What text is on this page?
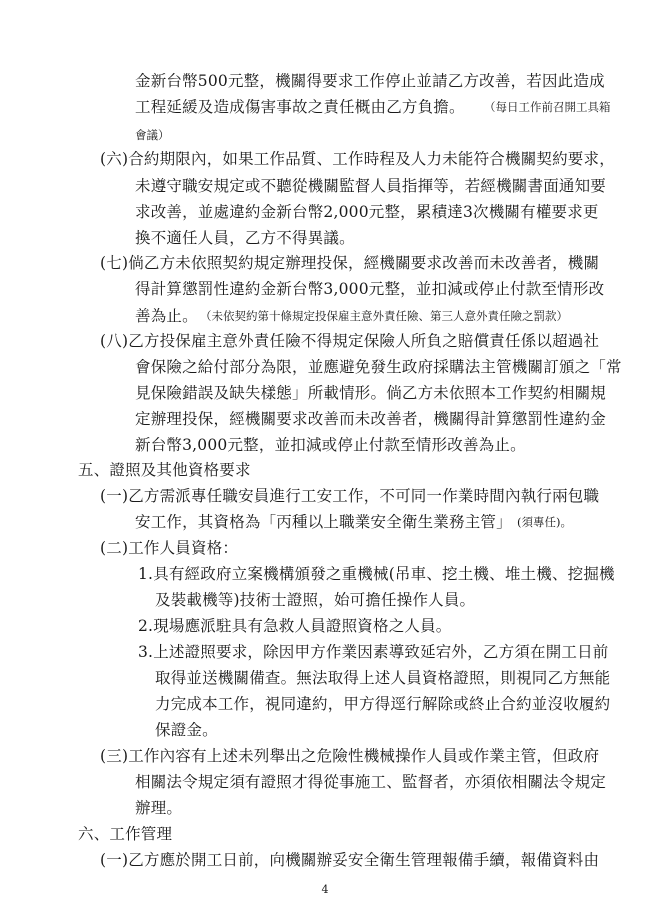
金新台幣500元整，機關得要求工作停止並請乙方改善，若因此造成
工程延緩及造成傷害事故之責任概由乙方負擔。 （每日工作前召開工具箱
會議）
(六)合約期限內，如果工作品質、工作時程及人力未能符合機關契約要求，
未遵守職安規定或不聽從機關監督人員指揮等，若經機關書面通知要
求改善，並處違約金新台幣2,000元整，累積達3次機關有權要求更
換不適任人員，乙方不得異議。
(七)倘乙方未依照契約規定辦理投保，經機關要求改善而未改善者，機關
得計算懲罰性違約金新台幣3,000元整，並扣減或停止付款至情形改
善為止。 （未依契約第十條規定投保雇主意外責任險、第三人意外責任險之罰款）
(八)乙方投保雇主意外責任險不得規定保險人所負之賠償責任係以超過社
會保險之給付部分為限，並應避免發生政府採購法主管機關訂頒之「常
見保險錯誤及缺失樣態」所載情形。倘乙方未依照本工作契約相關規
定辦理投保，經機關要求改善而未改善者，機關得計算懲罰性違約金
新台幣3,000元整，並扣減或停止付款至情形改善為止。
五、證照及其他資格要求
(一)乙方需派專任職安員進行工安工作，不可同一作業時間內執行兩包職
安工作，其資格為「丙種以上職業安全衛生業務主管」 (須專任)。
(二)工作人員資格：
1.具有經政府立案機構頒發之重機械(吊車、挖土機、堆土機、挖掘機
及裝載機等)技術士證照，始可擔任操作人員。
2.現場應派駐具有急救人員證照資格之人員。
3.上述證照要求，除因甲方作業因素導致延宕外，乙方須在開工日前
取得並送機關備查。無法取得上述人員資格證照，則視同乙方無能
力完成本工作，視同違約，甲方得逕行解除或終止合約並沒收履約
保證金。
(三)工作內容有上述未列舉出之危險性機械操作人員或作業主管，但政府
相關法令規定須有證照才得從事施工、監督者，亦須依相關法令規定
辦理。
六、工作管理
(一)乙方應於開工日前，向機關辦妥安全衛生管理報備手續，報備資料由
4
